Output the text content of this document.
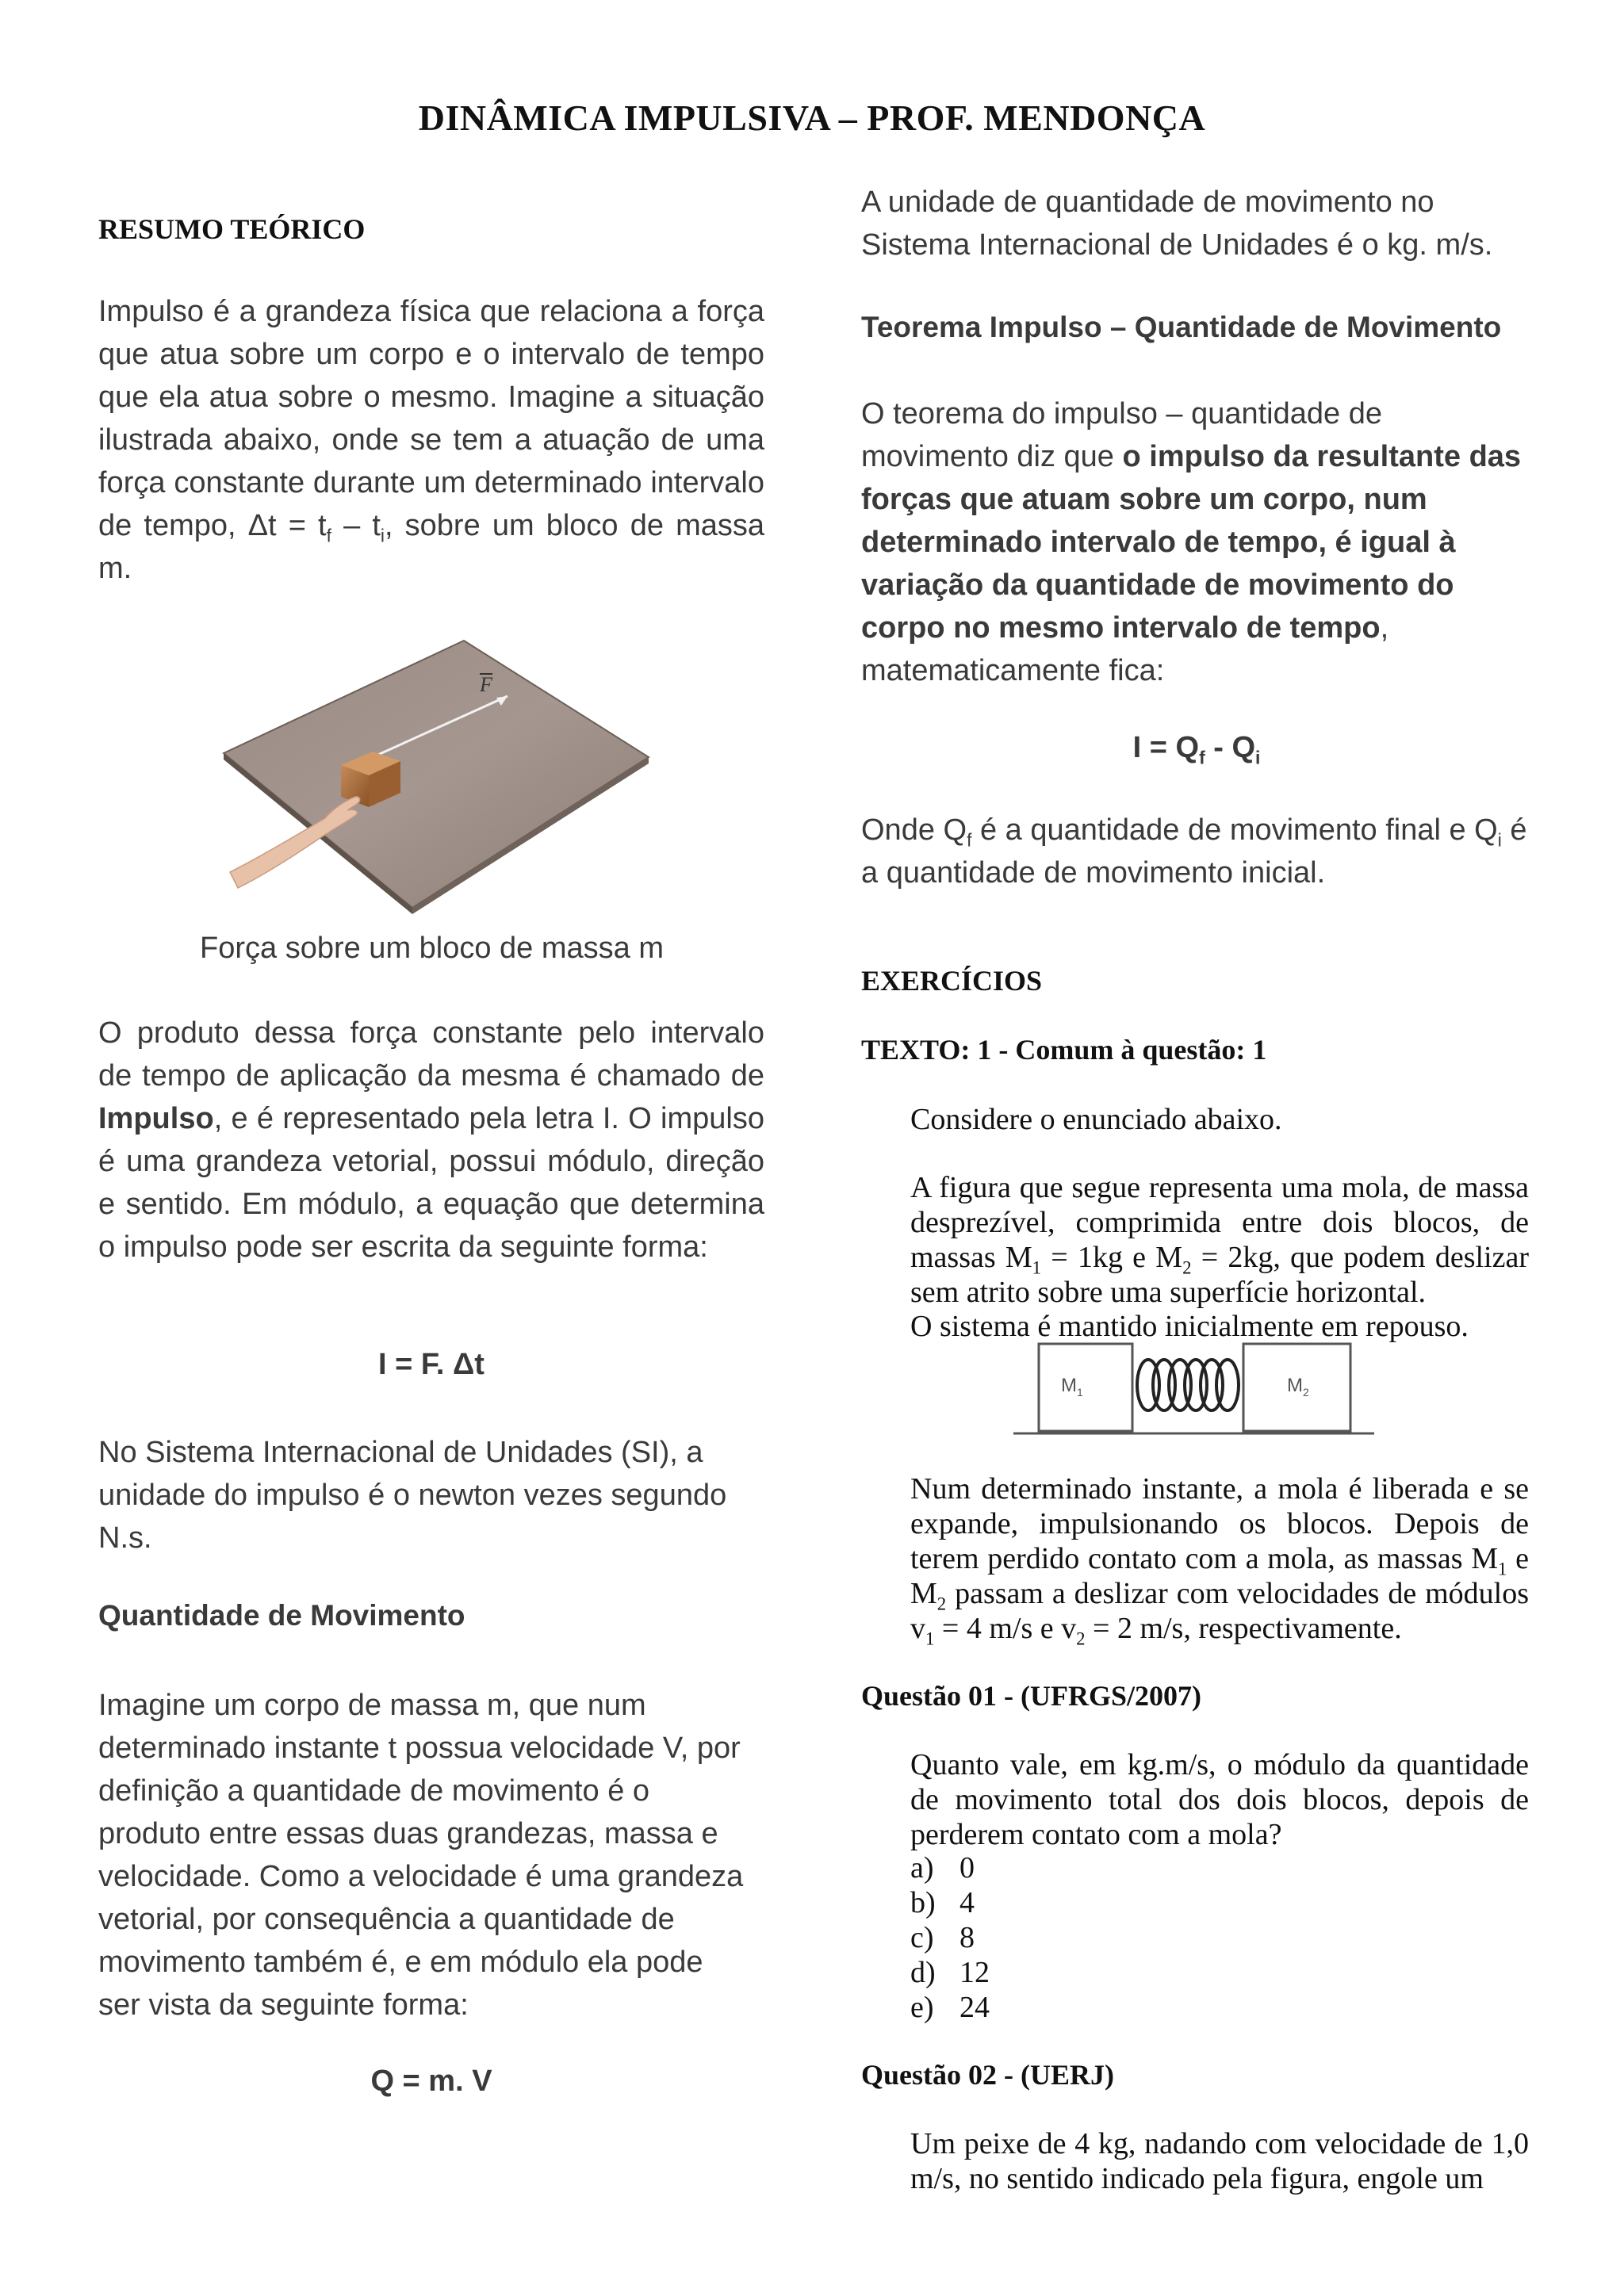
DINÂMICA IMPULSIVA – PROF. MENDONÇA
RESUMO TEÓRICO

Impulso é a grandeza física que relaciona a força que atua sobre um corpo e o intervalo de tempo que ela atua sobre o mesmo. Imagine a situação ilustrada abaixo, onde se tem a atuação de uma força constante durante um determinado intervalo de tempo, $\Delta t = t_f - t_i$, sobre um bloco de massa m.

F
Força sobre um bloco de massa m

O produto dessa força constante pelo intervalo de tempo de aplicação da mesma é chamado de Impulso, e é representado pela letra I. O impulso é uma grandeza vetorial, possui módulo, direção e sentido. Em módulo, a equação que determina o impulso pode ser escrita da seguinte forma:

I = F. Δt

No Sistema Internacional de Unidades (SI), a unidade do impulso é o newton vezes segundo N.s.

Quantidade de Movimento

Imagine um corpo de massa m, que num determinado instante t possua velocidade V, por definição a quantidade de movimento é o produto entre essas duas grandezas, massa e velocidade. Como a velocidade é uma grandeza vetorial, por consequência a quantidade de movimento também é, e em módulo ela pode ser vista da seguinte forma:

Q = m. V

A unidade de quantidade de movimento no Sistema Internacional de Unidades é o kg. m/s.

Teorema Impulso – Quantidade de Movimento

O teorema do impulso – quantidade de movimento diz que o impulso da resultante das forças que atuam sobre um corpo, num determinado intervalo de tempo, é igual à variação da quantidade de movimento do corpo no mesmo intervalo de tempo, matematicamente fica:

$I = Q_f - Q_i$

Onde $Q_f$ é a quantidade de movimento final e $Q_i$ é a quantidade de movimento inicial.

EXERCÍCIOS
TEXTO: 1 - Comum à questão: 1
Considere o enunciado abaixo.

A figura que segue representa uma mola, de massa desprezível, comprimida entre dois blocos, de massas $M_1 = 1kg$ e $M_2 = 2kg$, que podem deslizar sem atrito sobre uma superfície horizontal.

O sistema é mantido inicialmente em repouso.
$M_1$	$M_2$

Num determinado instante, a mola é liberada e se expande, impulsionando os blocos. Depois de terem perdido contato com a mola, as massas $M_1$ e $M_2$ passam a deslizar com velocidades de módulos $v_1 = 4$ m/s e $v_2 = 2$ m/s, respectivamente.

Questão 01 - (UFRGS/2007)

Quanto vale, em kg.m/s, o módulo da quantidade de movimento total dos dois blocos, depois de perderem contato com a mola?

a) 0
b) 4
c) 8
d) 12
e) 24
Questão 02 - (UERJ)

Um peixe de 4 kg, nadando com velocidade de 1,0 m/s, no sentido indicado pela figura, engole um
